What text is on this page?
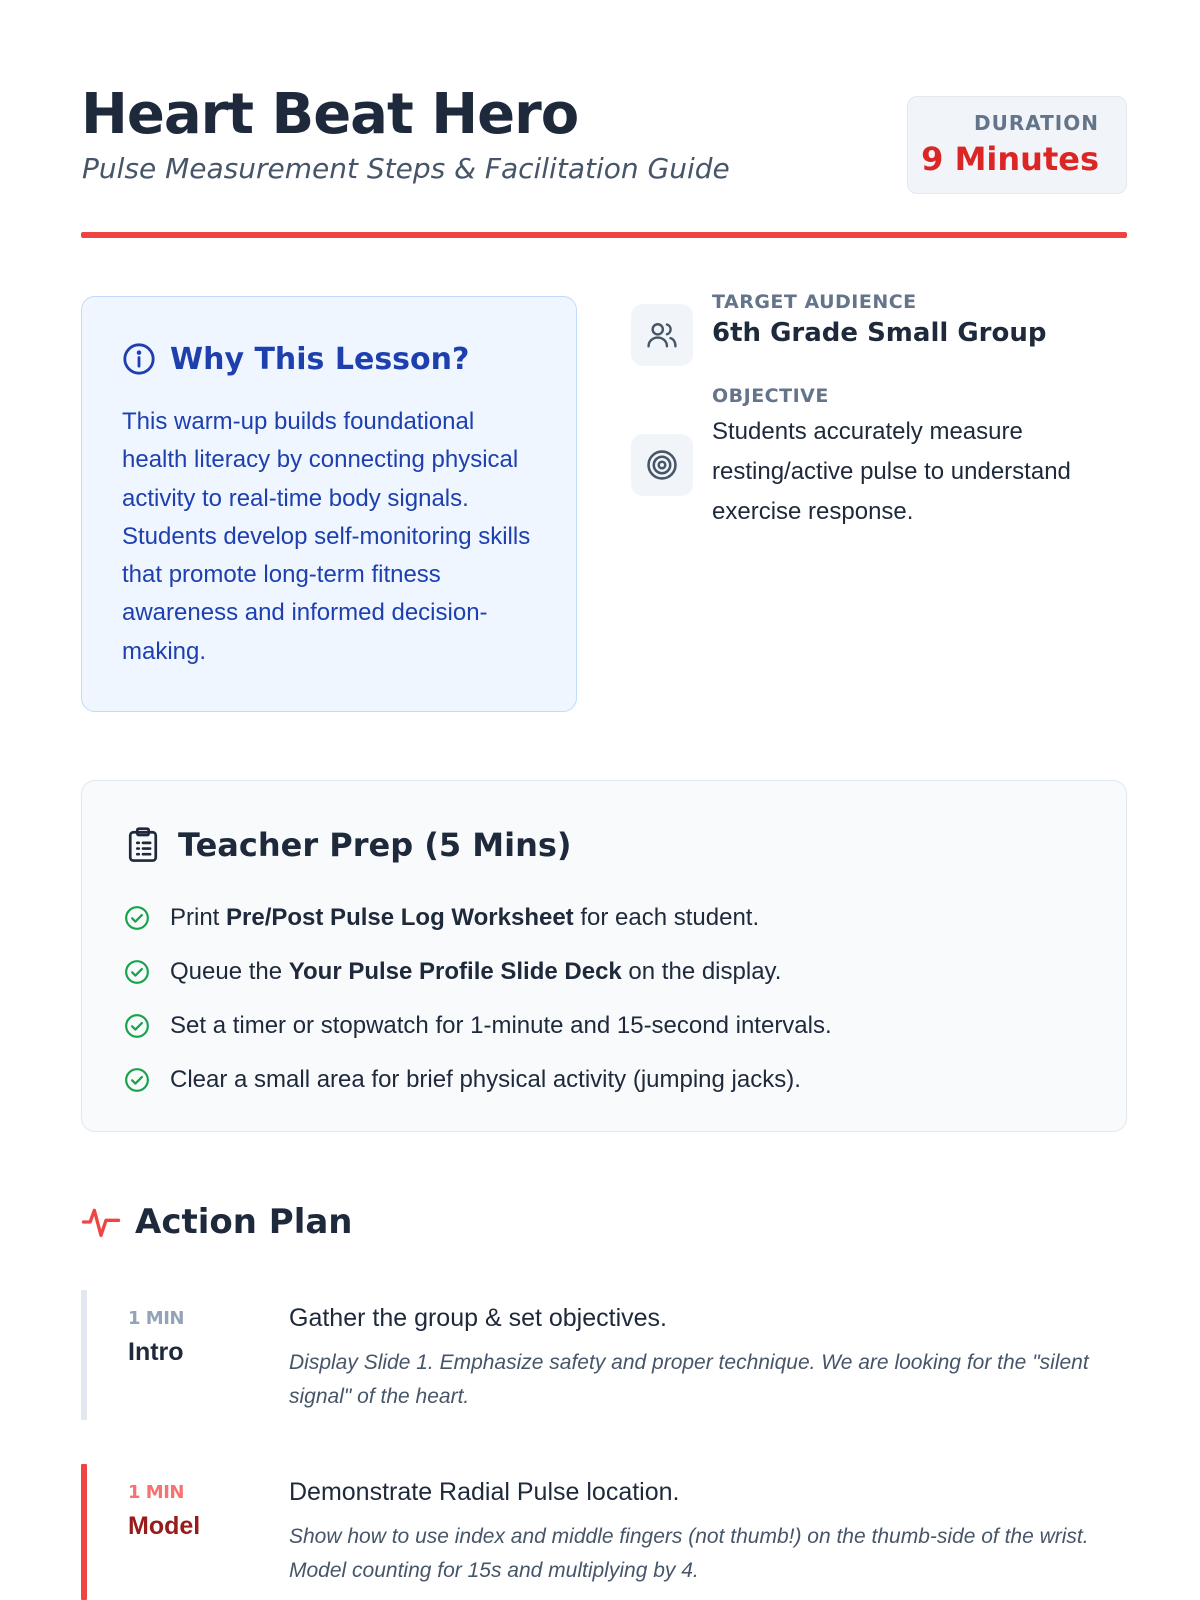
Heart Beat Hero
Pulse Measurement Steps & Facilitation Guide
DURATION
9 Minutes
Why This Lesson?
This warm-up builds foundational health literacy by connecting physical activity to real-time body signals. Students develop self-monitoring skills that promote long-term fitness awareness and informed decision-making.
TARGET AUDIENCE
6th Grade Small Group
OBJECTIVE
Students accurately measure resting/active pulse to understand exercise response.
Teacher Prep (5 Mins)
Print Pre/Post Pulse Log Worksheet for each student.
Queue the Your Pulse Profile Slide Deck on the display.
Set a timer or stopwatch for 1-minute and 15-second intervals.
Clear a small area for brief physical activity (jumping jacks).
Action Plan
1 MIN
Intro
Gather the group & set objectives.
Display Slide 1. Emphasize safety and proper technique. We are looking for the "silent signal" of the heart.
1 MIN
Model
Demonstrate Radial Pulse location.
Show how to use index and middle fingers (not thumb!) on the thumb-side of the wrist. Model counting for 15s and multiplying by 4.
